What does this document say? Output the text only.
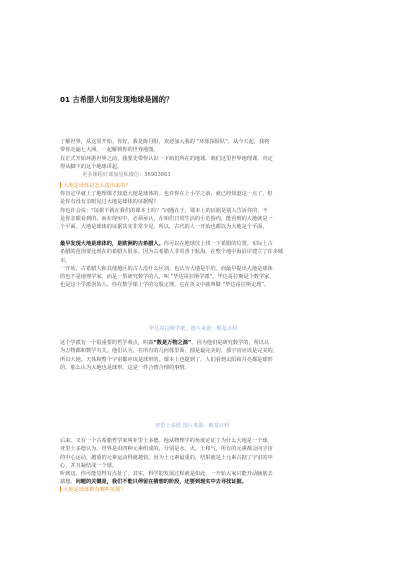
01 古希腊人如何发现地球是圆的？
了解世界，从这里开始。你好，我是陈丹阳，欢迎加入我的 “环球探险队”，从今天起，我将
带你走遍七大洲，一起解锁你的世界地图。
在正式开始环游世界之前，我要先带你认识一下咱们所在的地球。咱们这里世界地理课，肯定
得从脚下的这个地球讲起。
更多课程好课加星私微信：36903863
大地是球体是怎么提出来的？
你肯定早就上了地理课才知道大地是球体的。也许你在上小学之前，就已经知道这一点了。但
是你有没有亲眼见过大地是球体的证据呢？
你也许会说：“证据不就在我们的课本上吗？”问题在于，课本上的证据是别人告诉你的，不
是你亲眼看到的。而在现实中，必须承认，在咱们日常生活的小范围内，能看到的大地就是一
个平面。大地是球体的证据其实非常少见，所以，古代的人一开始也都以为大地是个平面。
最早发现大地是球体的，是欧洲的古希腊人。你可以在地球仪上找一下希腊的位置。实际上古
希腊的范围要比现在的希腊大很多。因为古希腊人非常善于航海，在整个地中海沿岸建立了许多城
市。
一开始，古希腊人和其他地区的古人没什么区别，也认为大地是平的。而最早提出大地是球体
的也不是地理学家，而是一帮研究数学的人，叫 “毕达哥拉斯学派”。毕达哥拉斯是个数学家，
也是这个学派创始人。你在数学课上学的勾股定理，它在英文中就叫做 “毕达哥拉斯定理”。
毕达哥拉斯学派，图片来源：维基百科
这个学派有一个很重要的哲学观点，叫做“数是万物之源”。因为他们是研究数学的，所以认
为万物都和数学有关。他们认为，在所有的几何体里面，圆是最完美的。那宇宙应该是完美的，
所以大地、天体和整个宇宙都应该是球形的。课本上也提到了，人们看到太阳和月亮都是球形
的，那么认为大地也是球形，这是一件合情合理的事情。
亚里士多德 图片来源：维基百科
后来，又有一个古希腊哲学家叫亚里士多德。他从物理学的角度论证了为什么大地是一个球。
亚里士多德认为，世界是由四种元素组成的，分别是水、火、土和气，所有的元素都会向宇宙
的中心运动，越重的元素运动得就越快。因为土元素最重的，结果就是土元素占据了宇宙的中
心，并且凝结成一个球。
听到这，你可能觉得有点扯了。其实，科学的发展过程就是如此，一开始大家只能开动脑筋去
猜想。问题的关键是，我们不能只停留在猜想的阶段，还要到现实中去寻找证据。
大地是球体都有哪些证据？
